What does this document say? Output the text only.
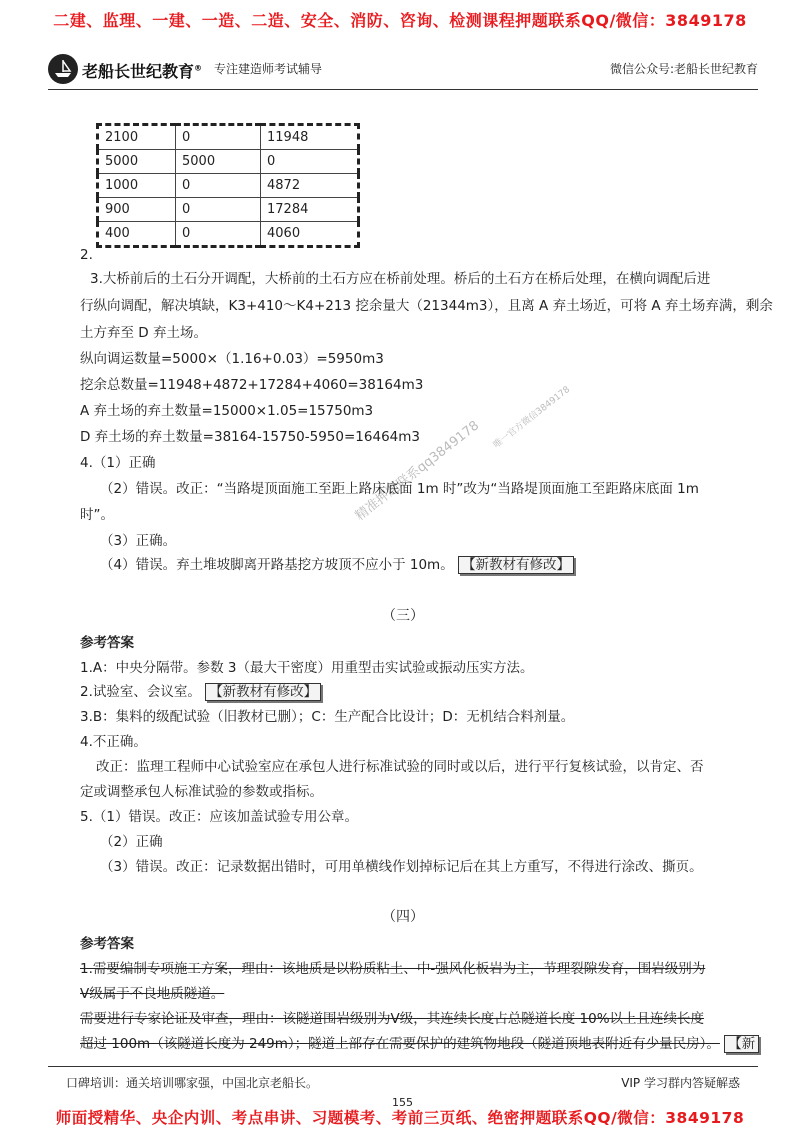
二建、监理、一建、一造、二造、安全、消防、咨询、检测课程押题联系QQ/微信：3849178
老船长世纪教育® 专注建造师考试辅导	微信公众号:老船长世纪教育
2100	0	11948
5000	5000	0
1000	0	4872
900	0	17284
400	0	4060
精准押题联系qq3849178
唯一官方微信3849178
2.
3.大桥前后的土石分开调配，大桥前的土石方应在桥前处理。桥后的土石方在桥后处理，在横向调配后进
行纵向调配，解决填缺，K3+410～K4+213 挖余量大（21344m3），且离 A 弃土场近，可将 A 弃土场弃满，剩余
土方弃至 D 弃土场。
纵向调运数量=5000×（1.16+0.03）=5950m3
挖余总数量=11948+4872+17284+4060=38164m3
A 弃土场的弃土数量=15000×1.05=15750m3
D 弃土场的弃土数量=38164-15750-5950=16464m3
4.（1）正确
（2）错误。改正：“当路堤顶面施工至距上路床底面 1m 时”改为“当路堤顶面施工至距路床底面 1m
时”。
（3）正确。
（4）错误。弃土堆坡脚离开路基挖方坡顶不应小于 10m。 【新教材有修改】
（三）
参考答案
1.A：中央分隔带。参数 3（最大干密度）用重型击实试验或振动压实方法。
2.试验室、会议室。 【新教材有修改】
3.B：集料的级配试验（旧教材已删）；C：生产配合比设计；D：无机结合料剂量。
4.不正确。
改正：监理工程师中心试验室应在承包人进行标准试验的同时或以后，进行平行复核试验，以肯定、否
定或调整承包人标准试验的参数或指标。
5.（1）错误。改正：应该加盖试验专用公章。
（2）正确
（3）错误。改正：记录数据出错时，可用单横线作划掉标记后在其上方重写，不得进行涂改、撕页。
（四）
参考答案
1.需要编制专项施工方案，理由：该地质是以粉质粘土、中-强风化板岩为主，节理裂隙发育，围岩级别为
Ⅴ级属于不良地质隧道。
需要进行专家论证及审查，理由：该隧道围岩级别为Ⅴ级，其连续长度占总隧道长度 10%以上且连续长度
超过 100m（该隧道长度为 249m）；隧道上部存在需要保护的建筑物地段（隧道顶地表附近有少量民房）。 【新
口碑培训：通关培训哪家强，中国北京老船长。	VIP 学习群内答疑解惑
155
师面授精华、央企内训、考点串讲、习题模考、考前三页纸、绝密押题联系QQ/微信：3849178
